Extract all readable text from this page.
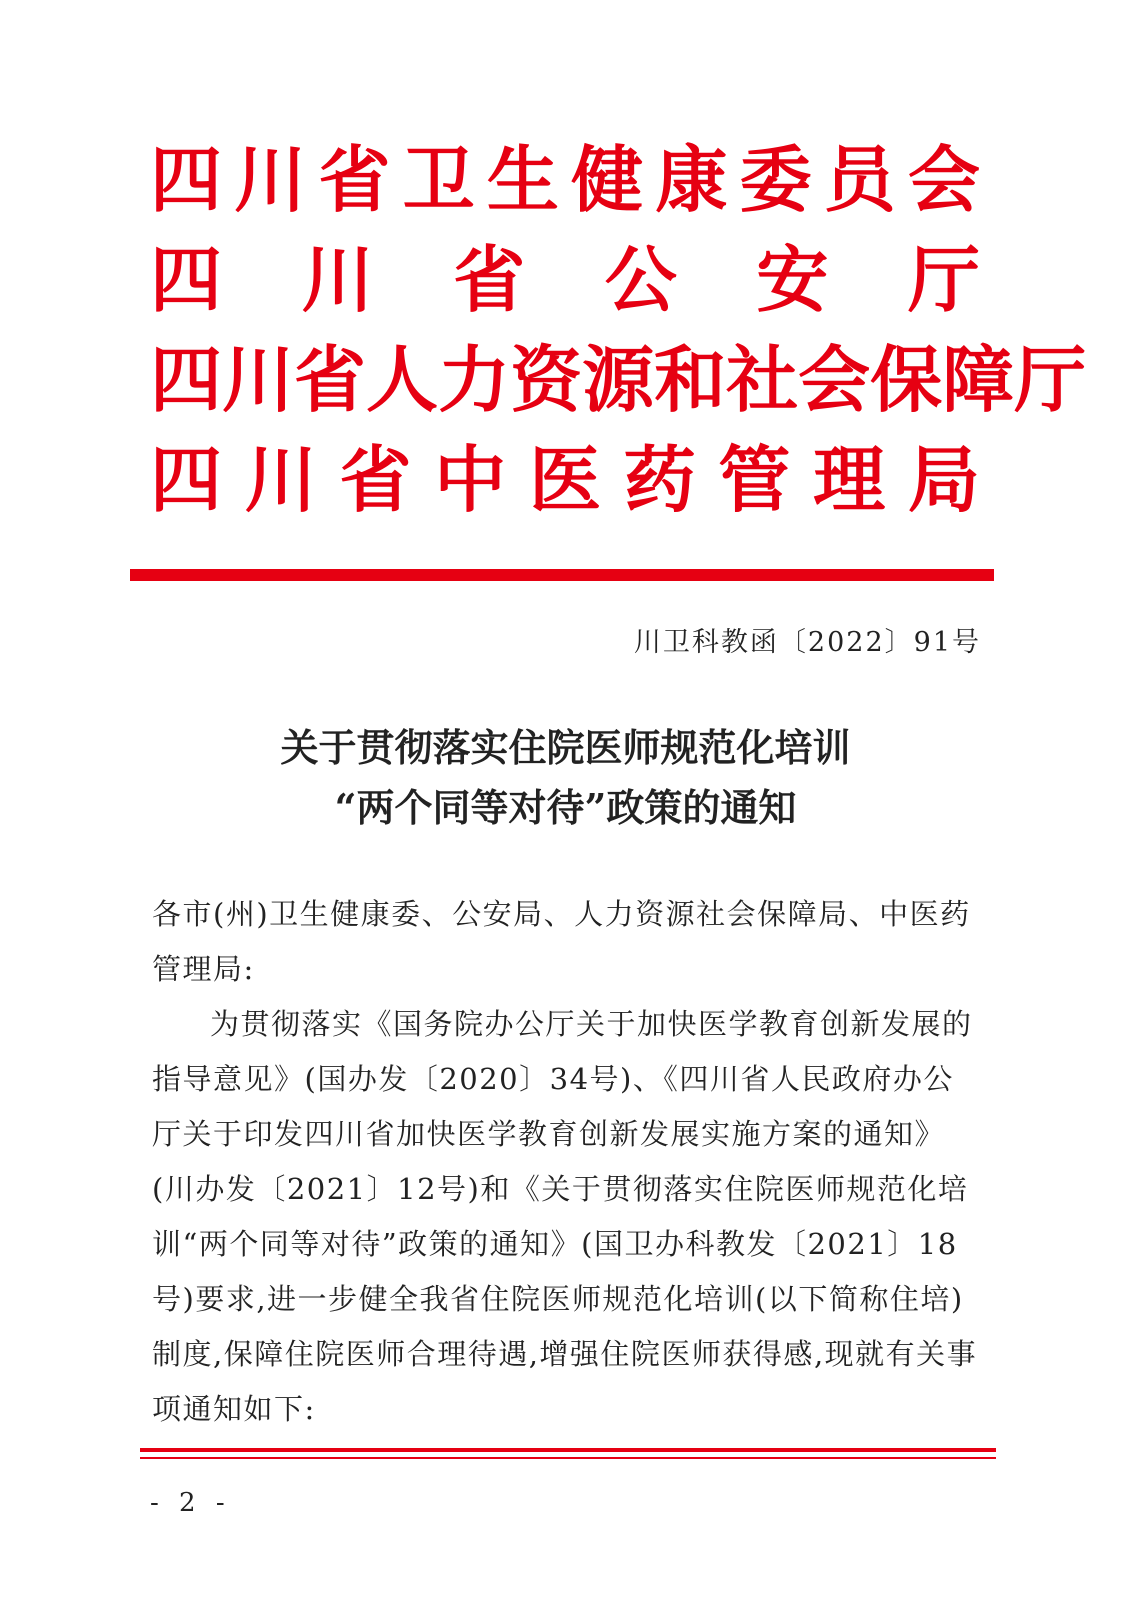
四 川 省 卫 生 健 康 委 员 会
四 川 省 公 安 厅
四 川 省 人 力 资 源 和 社 会 保 障 厅
四 川 省 中 医 药 管 理 局
川卫科教函〔2022〕91号
关于贯彻落实住院医师规范化培训
“两个同等对待”政策的通知

各市(州)卫生健康委、公安局、人力资源社会保障局、中医药管理局:

为贯彻落实《国务院办公厅关于加快医学教育创新发展的指导意见》(国办发〔2020〕34号)、《四川省人民政府办公厅关于印发四川省加快医学教育创新发展实施方案的通知》(川办发〔2021〕12号)和《关于贯彻落实住院医师规范化培训“两个同等对待”政策的通知》(国卫办科教发〔2021〕18号)要求,进一步健全我省住院医师规范化培训(以下简称住培)制度,保障住院医师合理待遇,增强住院医师获得感,现就有关事项通知如下:

- 2 -
